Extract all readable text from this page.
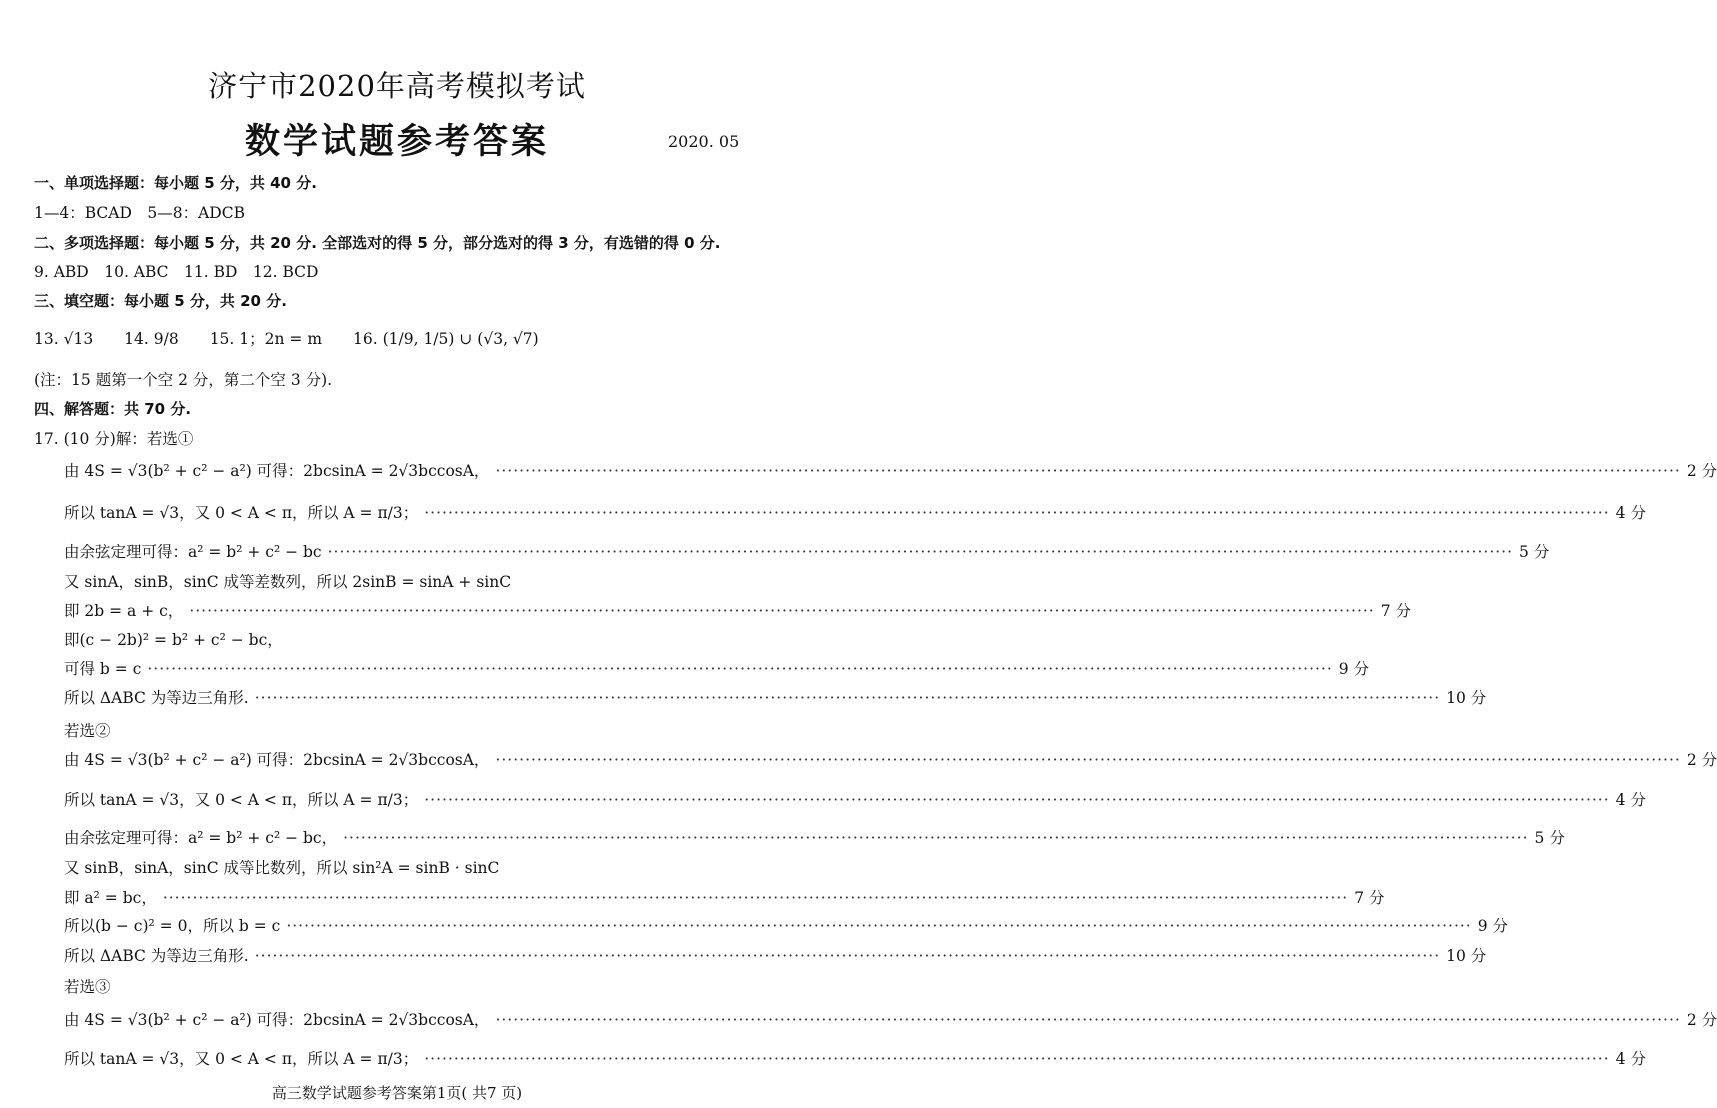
济宁市2020年高考模拟考试
数学试题参考答案	2020. 05
一、单项选择题：每小题 5 分，共 40 分.
1—4：BCAD　5—8：ADCB
二、多项选择题：每小题 5 分，共 20 分. 全部选对的得 5 分，部分选对的得 3 分，有选错的得 0 分.
9. ABD　10. ABC　11. BD　12. BCD
三、填空题：每小题 5 分，共 20 分.
13. √13　　14. 9/8　　15. 1；2n = m　　16. (1/9, 1/5) ∪ (√3, √7)
(注：15 题第一个空 2 分，第二个空 3 分).
四、解答题：共 70 分.
17. (10 分)解：若选①
由 4S = √3(b² + c² − a²) 可得：2bcsinA = 2√3bccosA， ········································································································································································································ 2 分
所以 tanA = √3，又 0 < A < π，所以 A = π/3； ········································································································································································································ 4 分
由余弦定理可得：a² = b² + c² − bc ········································································································································································································ 5 分
又 sinA，sinB，sinC 成等差数列，所以 2sinB = sinA + sinC
即 2b = a + c， ········································································································································································································ 7 分
即(c − 2b)² = b² + c² − bc，
可得 b = c ········································································································································································································ 9 分
所以 ΔABC 为等边三角形. ········································································································································································································ 10 分
若选②
由 4S = √3(b² + c² − a²) 可得：2bcsinA = 2√3bccosA， ········································································································································································································ 2 分
所以 tanA = √3，又 0 < A < π，所以 A = π/3； ········································································································································································································ 4 分
由余弦定理可得：a² = b² + c² − bc， ········································································································································································································ 5 分
又 sinB，sinA，sinC 成等比数列，所以 sin²A = sinB · sinC
即 a² = bc， ········································································································································································································ 7 分
所以(b − c)² = 0，所以 b = c ········································································································································································································ 9 分
所以 ΔABC 为等边三角形. ········································································································································································································ 10 分
若选③
由 4S = √3(b² + c² − a²) 可得：2bcsinA = 2√3bccosA， ········································································································································································································ 2 分
所以 tanA = √3，又 0 < A < π，所以 A = π/3； ········································································································································································································ 4 分
高三数学试题参考答案第1页( 共7 页)
